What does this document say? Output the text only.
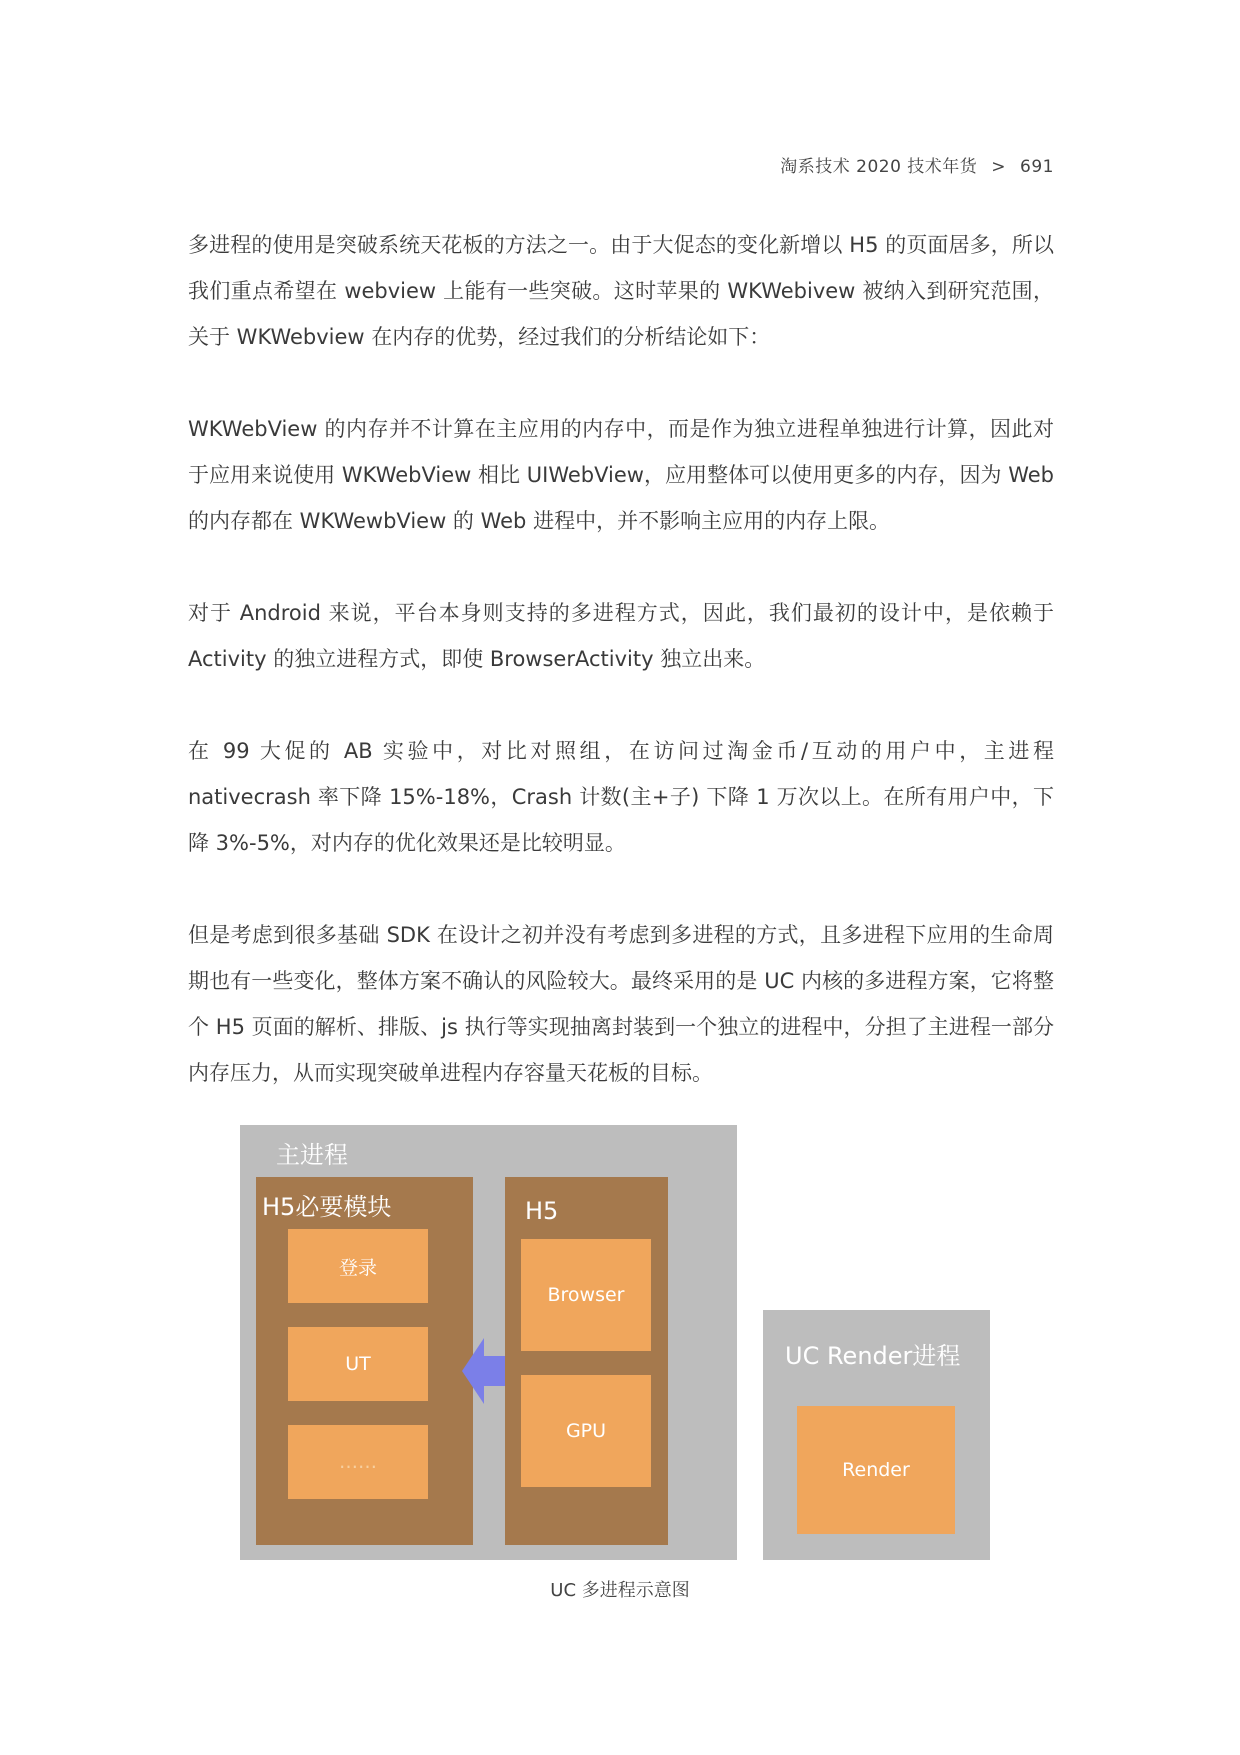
淘系技术 2020 技术年货 > 691

多进程的使用是突破系统天花板的方法之一。由于大促态的变化新增以 H5 的页面居多，所以我们重点希望在 webview 上能有一些突破。这时苹果的 WKWebivew 被纳入到研究范围，关于 WKWebview 在内存的优势，经过我们的分析结论如下：

WKWebView 的内存并不计算在主应用的内存中，而是作为独立进程单独进行计算，因此对于应用来说使用 WKWebView 相比 UIWebView，应用整体可以使用更多的内存，因为 Web 的内存都在 WKWewbView 的 Web 进程中，并不影响主应用的内存上限。

对于 Android 来说，平台本身则支持的多进程方式，因此，我们最初的设计中，是依赖于 Activity 的独立进程方式，即使 BrowserActivity 独立出来。

在 99 大促的 AB 实验中，对比对照组，在访问过淘金币/互动的用户中，主进程 nativecrash 率下降 15%-18%，Crash 计数(主+子) 下降 1 万次以上。在所有用户中，下降 3%-5%，对内存的优化效果还是比较明显。

但是考虑到很多基础 SDK 在设计之初并没有考虑到多进程的方式，且多进程下应用的生命周期也有一些变化，整体方案不确认的风险较大。最终采用的是 UC 内核的多进程方案，它将整个 H5 页面的解析、排版、js 执行等实现抽离封装到一个独立的进程中，分担了主进程一部分内存压力，从而实现突破单进程内存容量天花板的目标。

主进程
H5必要模块
登录
UT
……
H5
Browser
GPU
UC Render进程
Render
UC 多进程示意图
